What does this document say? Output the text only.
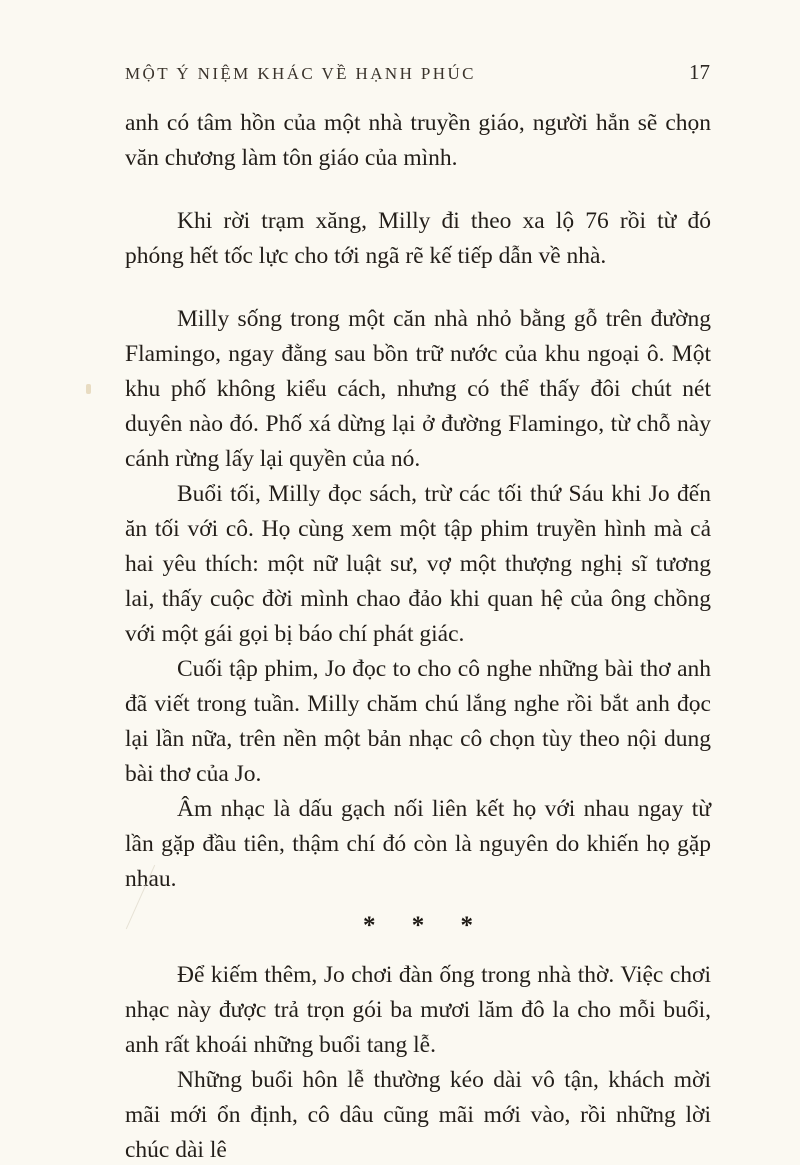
MỘT Ý NIỆM KHÁC VỀ HẠNH PHÚC	17

anh có tâm hồn của một nhà truyền giáo, người hẳn sẽ chọn văn chương làm tôn giáo của mình.

Khi rời trạm xăng, Milly đi theo xa lộ 76 rồi từ đó phóng hết tốc lực cho tới ngã rẽ kế tiếp dẫn về nhà.

Milly sống trong một căn nhà nhỏ bằng gỗ trên đường Flamingo, ngay đằng sau bồn trữ nước của khu ngoại ô. Một khu phố không kiểu cách, nhưng có thể thấy đôi chút nét duyên nào đó. Phố xá dừng lại ở đường Flamingo, từ chỗ này cánh rừng lấy lại quyền của nó.

Buổi tối, Milly đọc sách, trừ các tối thứ Sáu khi Jo đến ăn tối với cô. Họ cùng xem một tập phim truyền hình mà cả hai yêu thích: một nữ luật sư, vợ một thượng nghị sĩ tương lai, thấy cuộc đời mình chao đảo khi quan hệ của ông chồng với một gái gọi bị báo chí phát giác.

Cuối tập phim, Jo đọc to cho cô nghe những bài thơ anh đã viết trong tuần. Milly chăm chú lắng nghe rồi bắt anh đọc lại lần nữa, trên nền một bản nhạc cô chọn tùy theo nội dung bài thơ của Jo.

Âm nhạc là dấu gạch nối liên kết họ với nhau ngay từ lần gặp đầu tiên, thậm chí đó còn là nguyên do khiến họ gặp nhau.

* * *

Để kiếm thêm, Jo chơi đàn ống trong nhà thờ. Việc chơi nhạc này được trả trọn gói ba mươi lăm đô la cho mỗi buổi, anh rất khoái những buổi tang lễ.

Những buổi hôn lễ thường kéo dài vô tận, khách mời mãi mới ổn định, cô dâu cũng mãi mới vào, rồi những lời chúc dài lê
